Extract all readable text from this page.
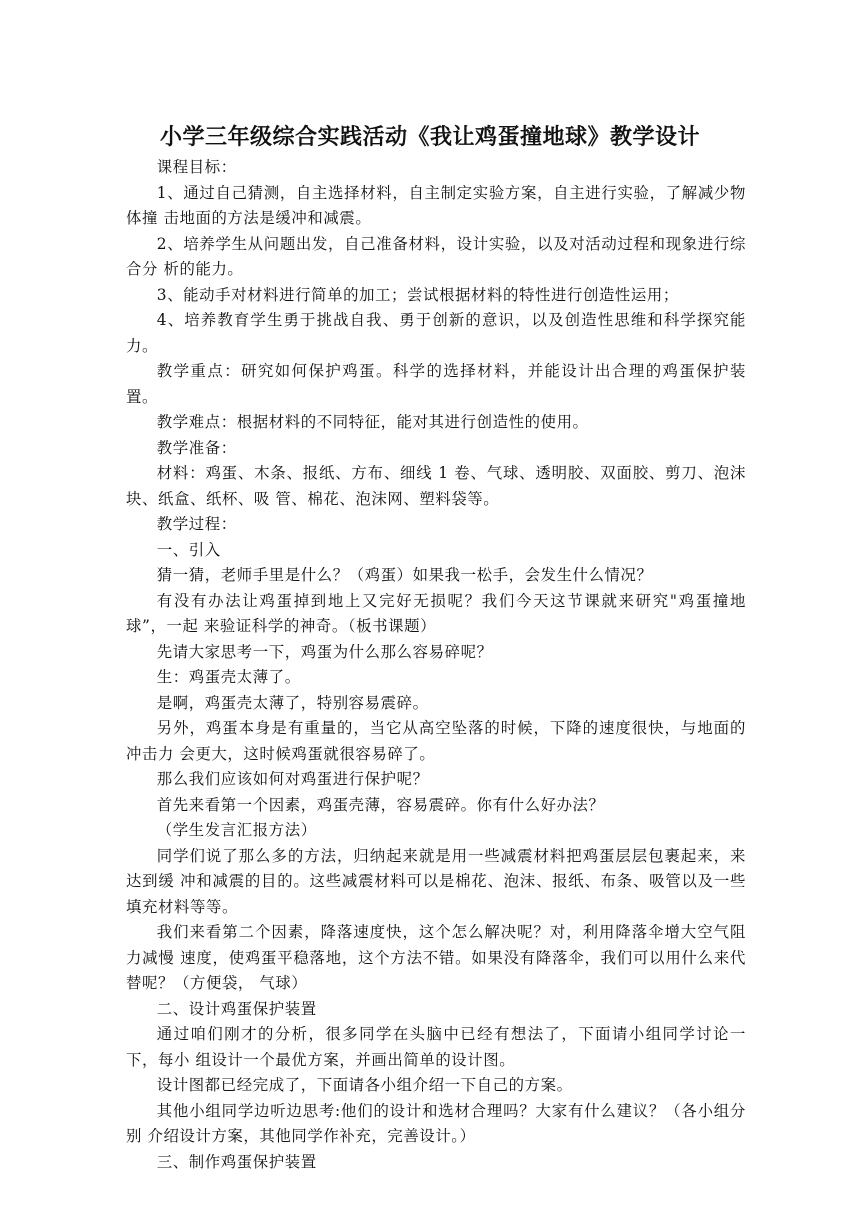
小学三年级综合实践活动《我让鸡蛋撞地球》教学设计

课程目标：

1、通过自己猜测，自主选择材料，自主制定实验方案，自主进行实验，了解减少物体撞 击地面的方法是缓冲和减震。

2、培养学生从问题出发，自己准备材料，设计实验，以及对活动过程和现象进行综合分 析的能力。

3、能动手对材料进行简单的加工；尝试根据材料的特性进行创造性运用；

4、培养教育学生勇于挑战自我、勇于创新的意识，以及创造性思维和科学探究能力。

教学重点：研究如何保护鸡蛋。科学的选择材料，并能设计出合理的鸡蛋保护装置。

教学难点：根据材料的不同特征，能对其进行创造性的使用。

教学准备：

材料：鸡蛋、木条、报纸、方布、细线 1 卷、气球、透明胶、双面胶、剪刀、泡沫块、纸盒、纸杯、吸 管、棉花、泡沫网、塑料袋等。

教学过程：

一、引入

猜一猜，老师手里是什么？（鸡蛋）如果我一松手，会发生什么情况？

有没有办法让鸡蛋掉到地上又完好无损呢？我们今天这节课就来研究"鸡蛋撞地球”，一起 来验证科学的神奇。（板书课题）

先请大家思考一下，鸡蛋为什么那么容易碎呢？

生：鸡蛋壳太薄了。

是啊，鸡蛋壳太薄了，特别容易震碎。

另外，鸡蛋本身是有重量的，当它从高空坠落的时候，下降的速度很快，与地面的冲击力 会更大，这时候鸡蛋就很容易碎了。

那么我们应该如何对鸡蛋进行保护呢？

首先来看第一个因素，鸡蛋壳薄，容易震碎。你有什么好办法？

（学生发言汇报方法）

同学们说了那么多的方法，归纳起来就是用一些减震材料把鸡蛋层层包裹起来，来达到缓 冲和减震的目的。这些减震材料可以是棉花、泡沫、报纸、布条、吸管以及一些填充材料等等。

我们来看第二个因素，降落速度快，这个怎么解决呢？对，利用降落伞增大空气阻力减慢 速度，使鸡蛋平稳落地，这个方法不错。如果没有降落伞，我们可以用什么来代替呢？（方便袋， 气球）

二、设计鸡蛋保护装置

通过咱们刚才的分析，很多同学在头脑中已经有想法了，下面请小组同学讨论一下，每小 组设计一个最优方案，并画出简单的设计图。

设计图都已经完成了，下面请各小组介绍一下自己的方案。

其他小组同学边听边思考:他们的设计和选材合理吗？大家有什么建议？（各小组分别 介绍设计方案，其他同学作补充，完善设计。）

三、制作鸡蛋保护装置
